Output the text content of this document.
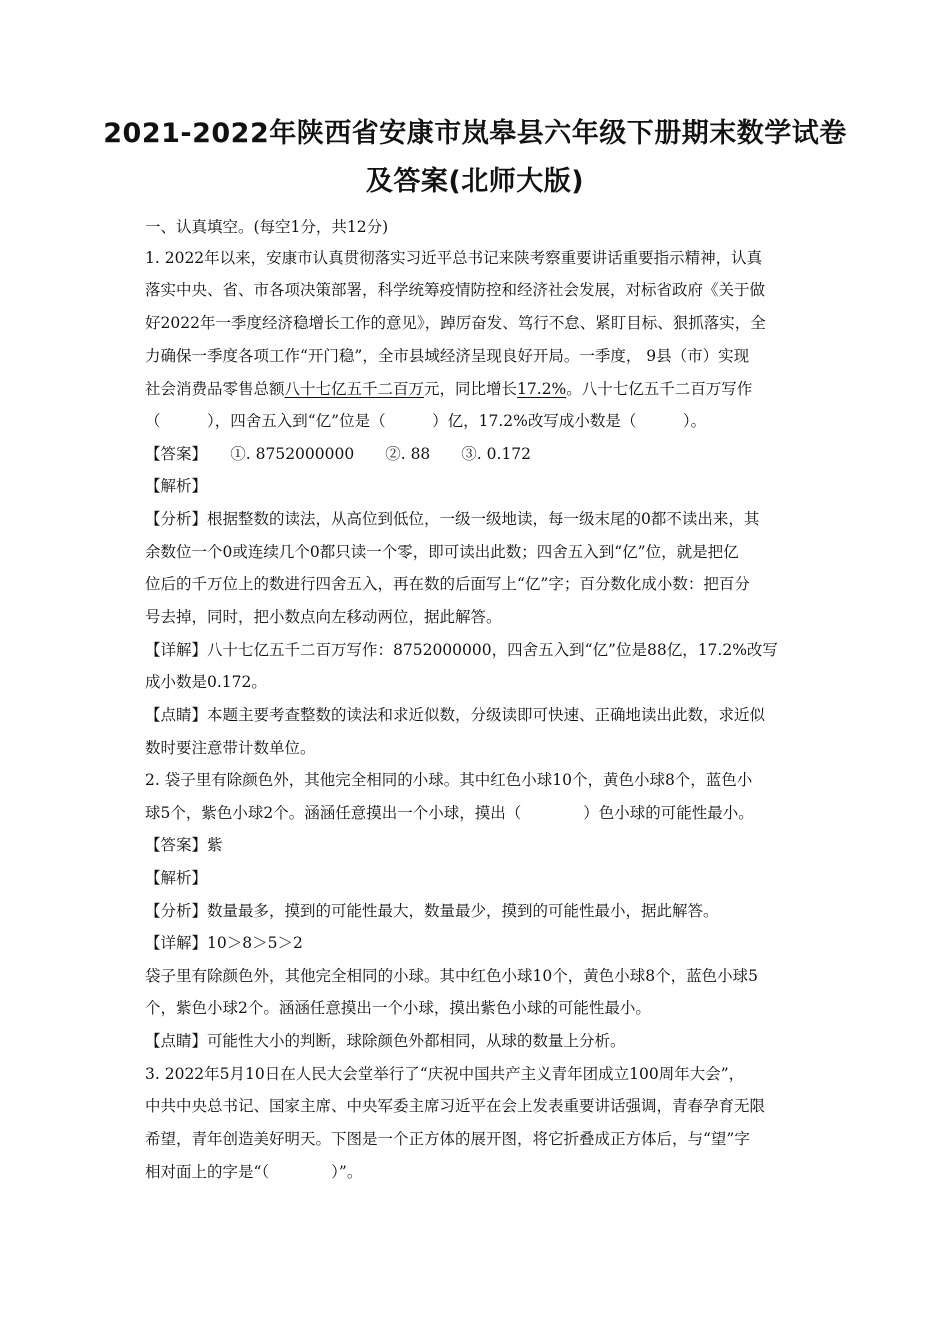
2021-2022年陕西省安康市岚皋县六年级下册期末数学试卷
及答案(北师大版)
一、认真填空。(每空1分，共12分)
1. 2022年以来，安康市认真贯彻落实习近平总书记来陕考察重要讲话重要指示精神，认真
落实中央、省、市各项决策部署，科学统筹疫情防控和经济社会发展，对标省政府《关于做
好2022年一季度经济稳增长工作的意见》，踔厉奋发、笃行不怠、紧盯目标、狠抓落实，全
力确保一季度各项工作“开门稳”，全市县域经济呈现良好开局。一季度， 9县（市）实现
社会消费品零售总额八十七亿五千二百万元，同比增长17.2%。八十七亿五千二百万写作
（　　　），四舍五入到“亿”位是（　　　）亿，17.2%改写成小数是（　　　）。
【答案】　　①. 8752000000　　②. 88　　③. 0.172
【解析】
【分析】根据整数的读法，从高位到低位，一级一级地读，每一级末尾的0都不读出来，其
余数位一个0或连续几个0都只读一个零，即可读出此数；四舍五入到“亿”位，就是把亿
位后的千万位上的数进行四舍五入，再在数的后面写上“亿”字；百分数化成小数：把百分
号去掉，同时，把小数点向左移动两位，据此解答。
【详解】八十七亿五千二百万写作：8752000000，四舍五入到“亿”位是88亿，17.2%改写
成小数是0.172。
【点睛】本题主要考查整数的读法和求近似数，分级读即可快速、正确地读出此数，求近似
数时要注意带计数单位。
2. 袋子里有除颜色外，其他完全相同的小球。其中红色小球10个，黄色小球8个，蓝色小
球5个，紫色小球2个。涵涵任意摸出一个小球，摸出（　　　　）色小球的可能性最小。
【答案】紫
【解析】
【分析】数量最多，摸到的可能性最大，数量最少，摸到的可能性最小，据此解答。
【详解】10＞8＞5＞2
袋子里有除颜色外，其他完全相同的小球。其中红色小球10个，黄色小球8个，蓝色小球5
个，紫色小球2个。涵涵任意摸出一个小球，摸出紫色小球的可能性最小。
【点睛】可能性大小的判断，球除颜色外都相同，从球的数量上分析。
3. 2022年5月10日在人民大会堂举行了“庆祝中国共产主义青年团成立100周年大会”，
中共中央总书记、国家主席、中央军委主席习近平在会上发表重要讲话强调，青春孕育无限
希望，青年创造美好明天。下图是一个正方体的展开图，将它折叠成正方体后，与“望”字
相对面上的字是“（　　　　）”。
